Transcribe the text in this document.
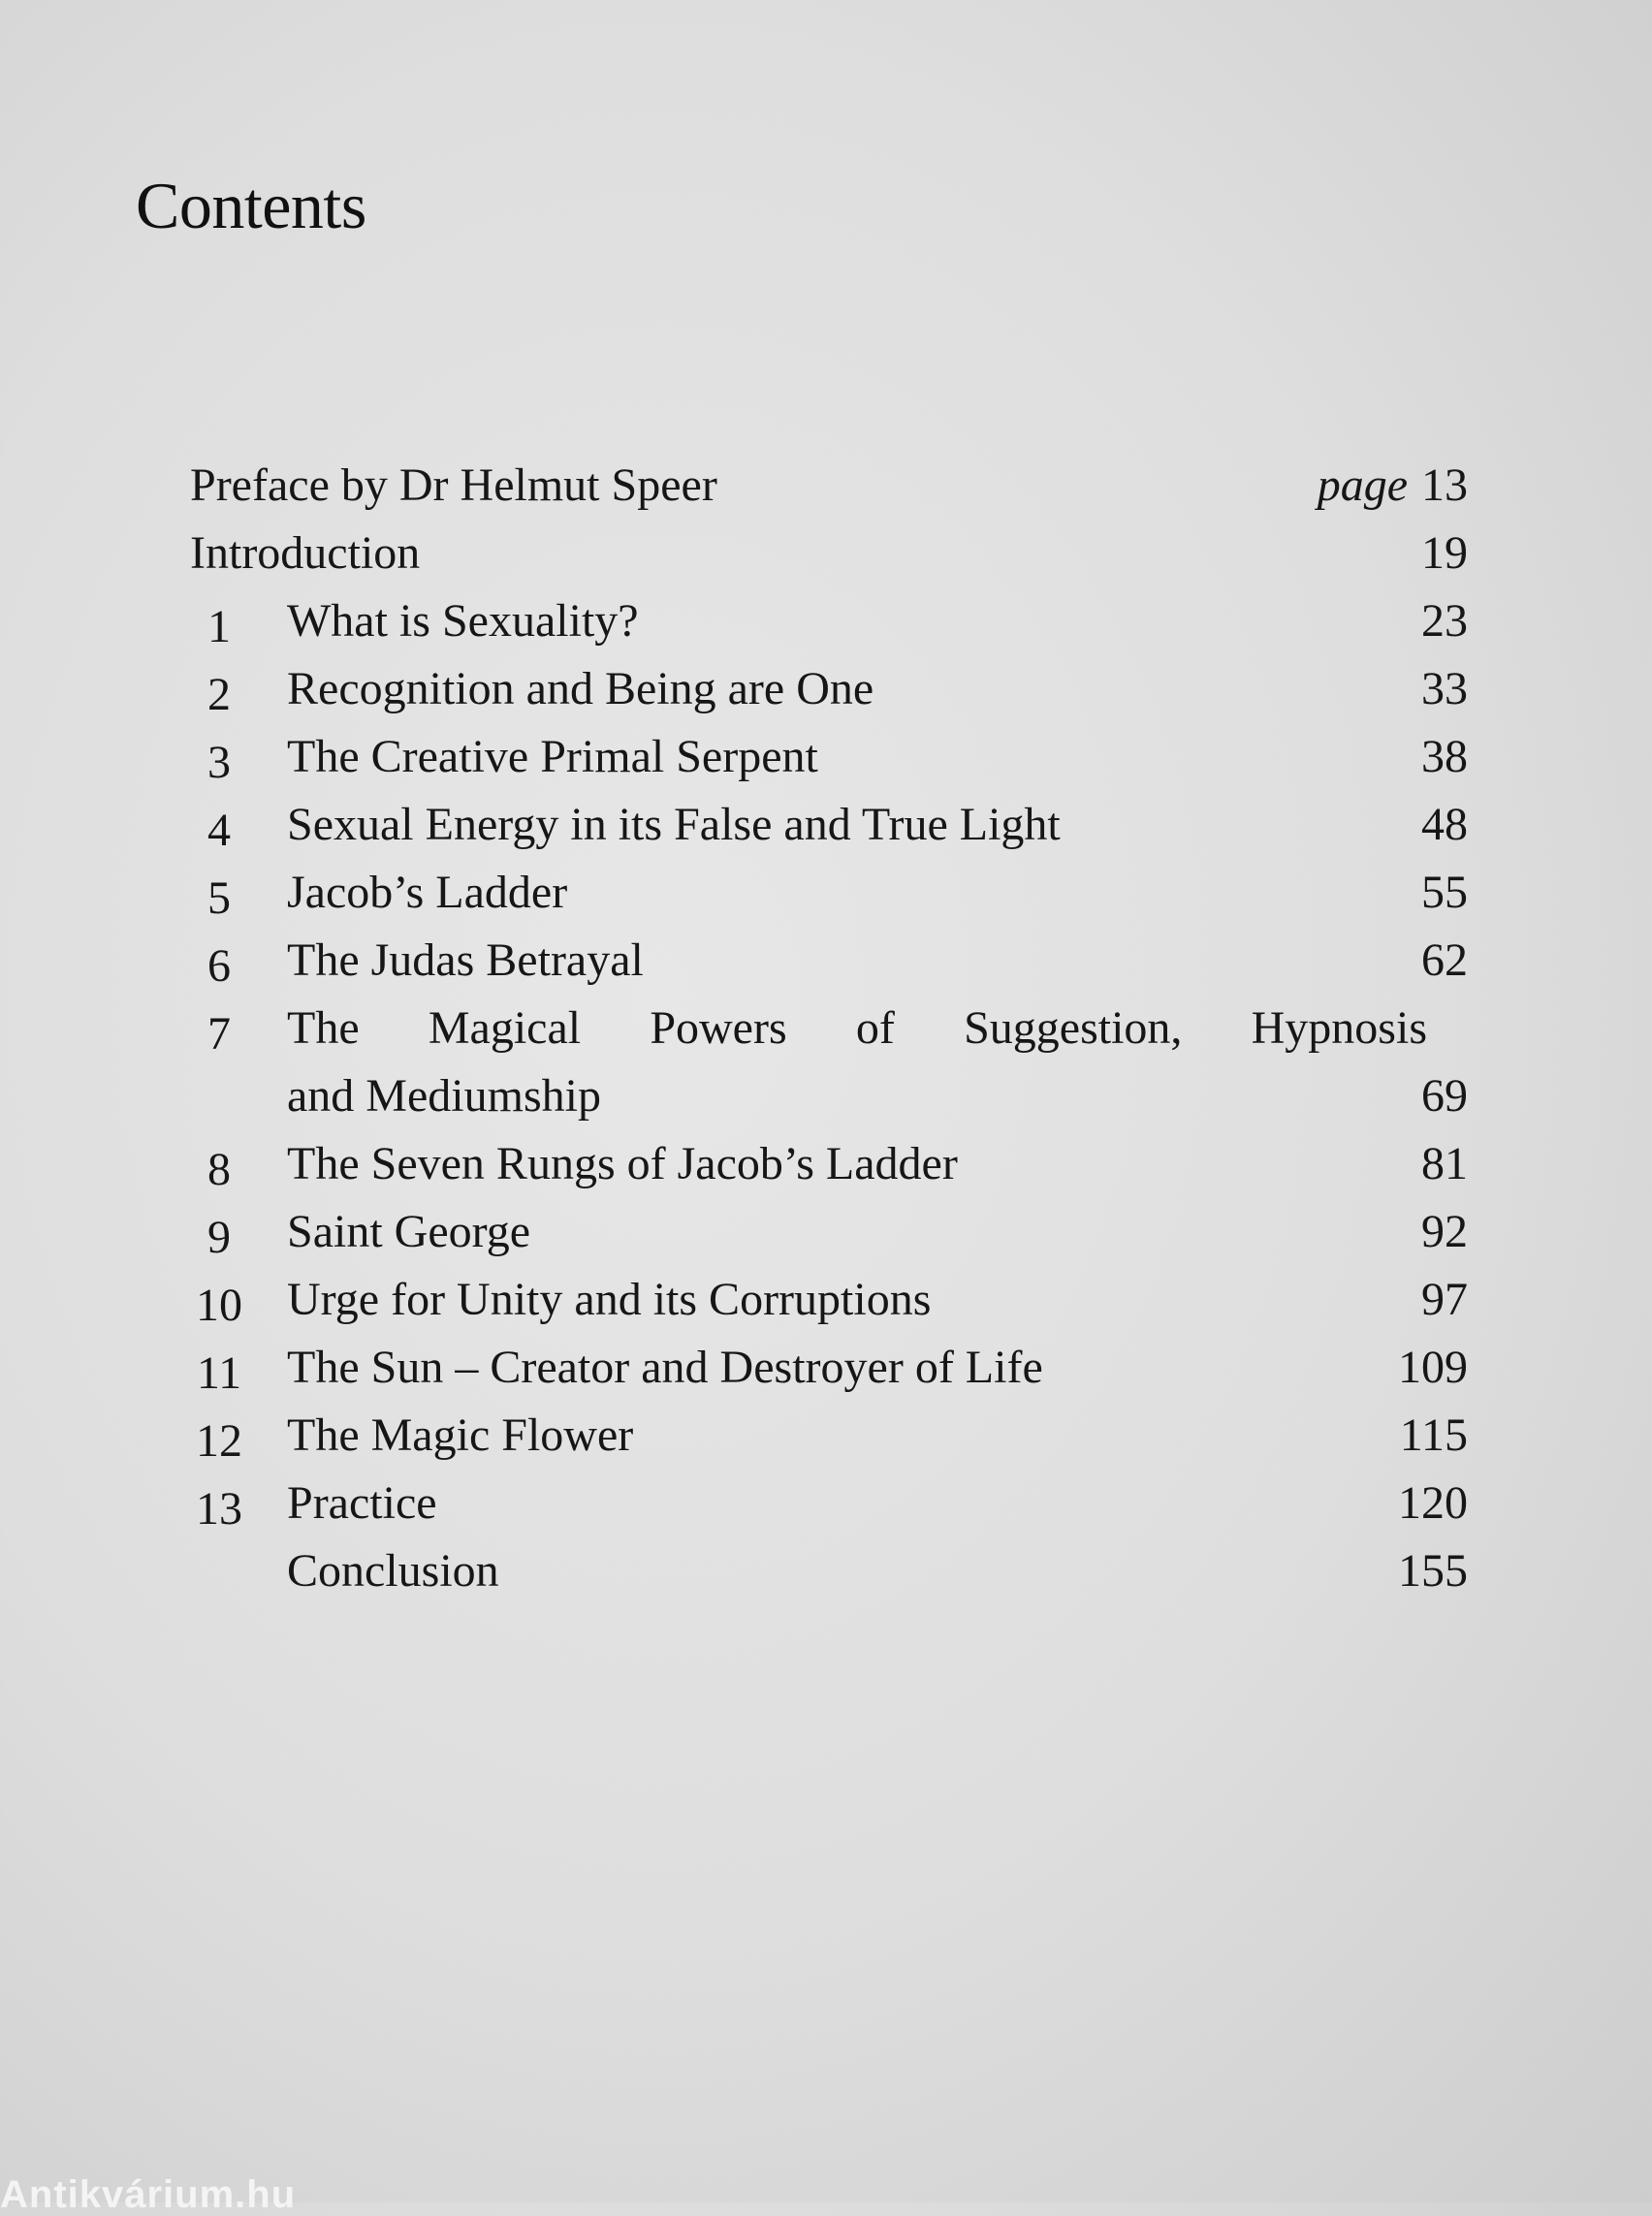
Contents
Preface by Dr Helmut Speer	page 13
Introduction	19
1	What is Sexuality?	23
2	Recognition and Being are One	33
3	The Creative Primal Serpent	38
4	Sexual Energy in its False and True Light	48
5	Jacob’s Ladder	55
6	The Judas Betrayal	62
7	The Magical Powers of Suggestion, Hypnosis
and Mediumship	69
8	The Seven Rungs of Jacob’s Ladder	81
9	Saint George	92
10 Urge for Unity and its Corruptions	97
11 The Sun – Creator and Destroyer of Life	109
12 The Magic Flower	115
13 Practice	120
Conclusion	155
Antikvárium.hu
